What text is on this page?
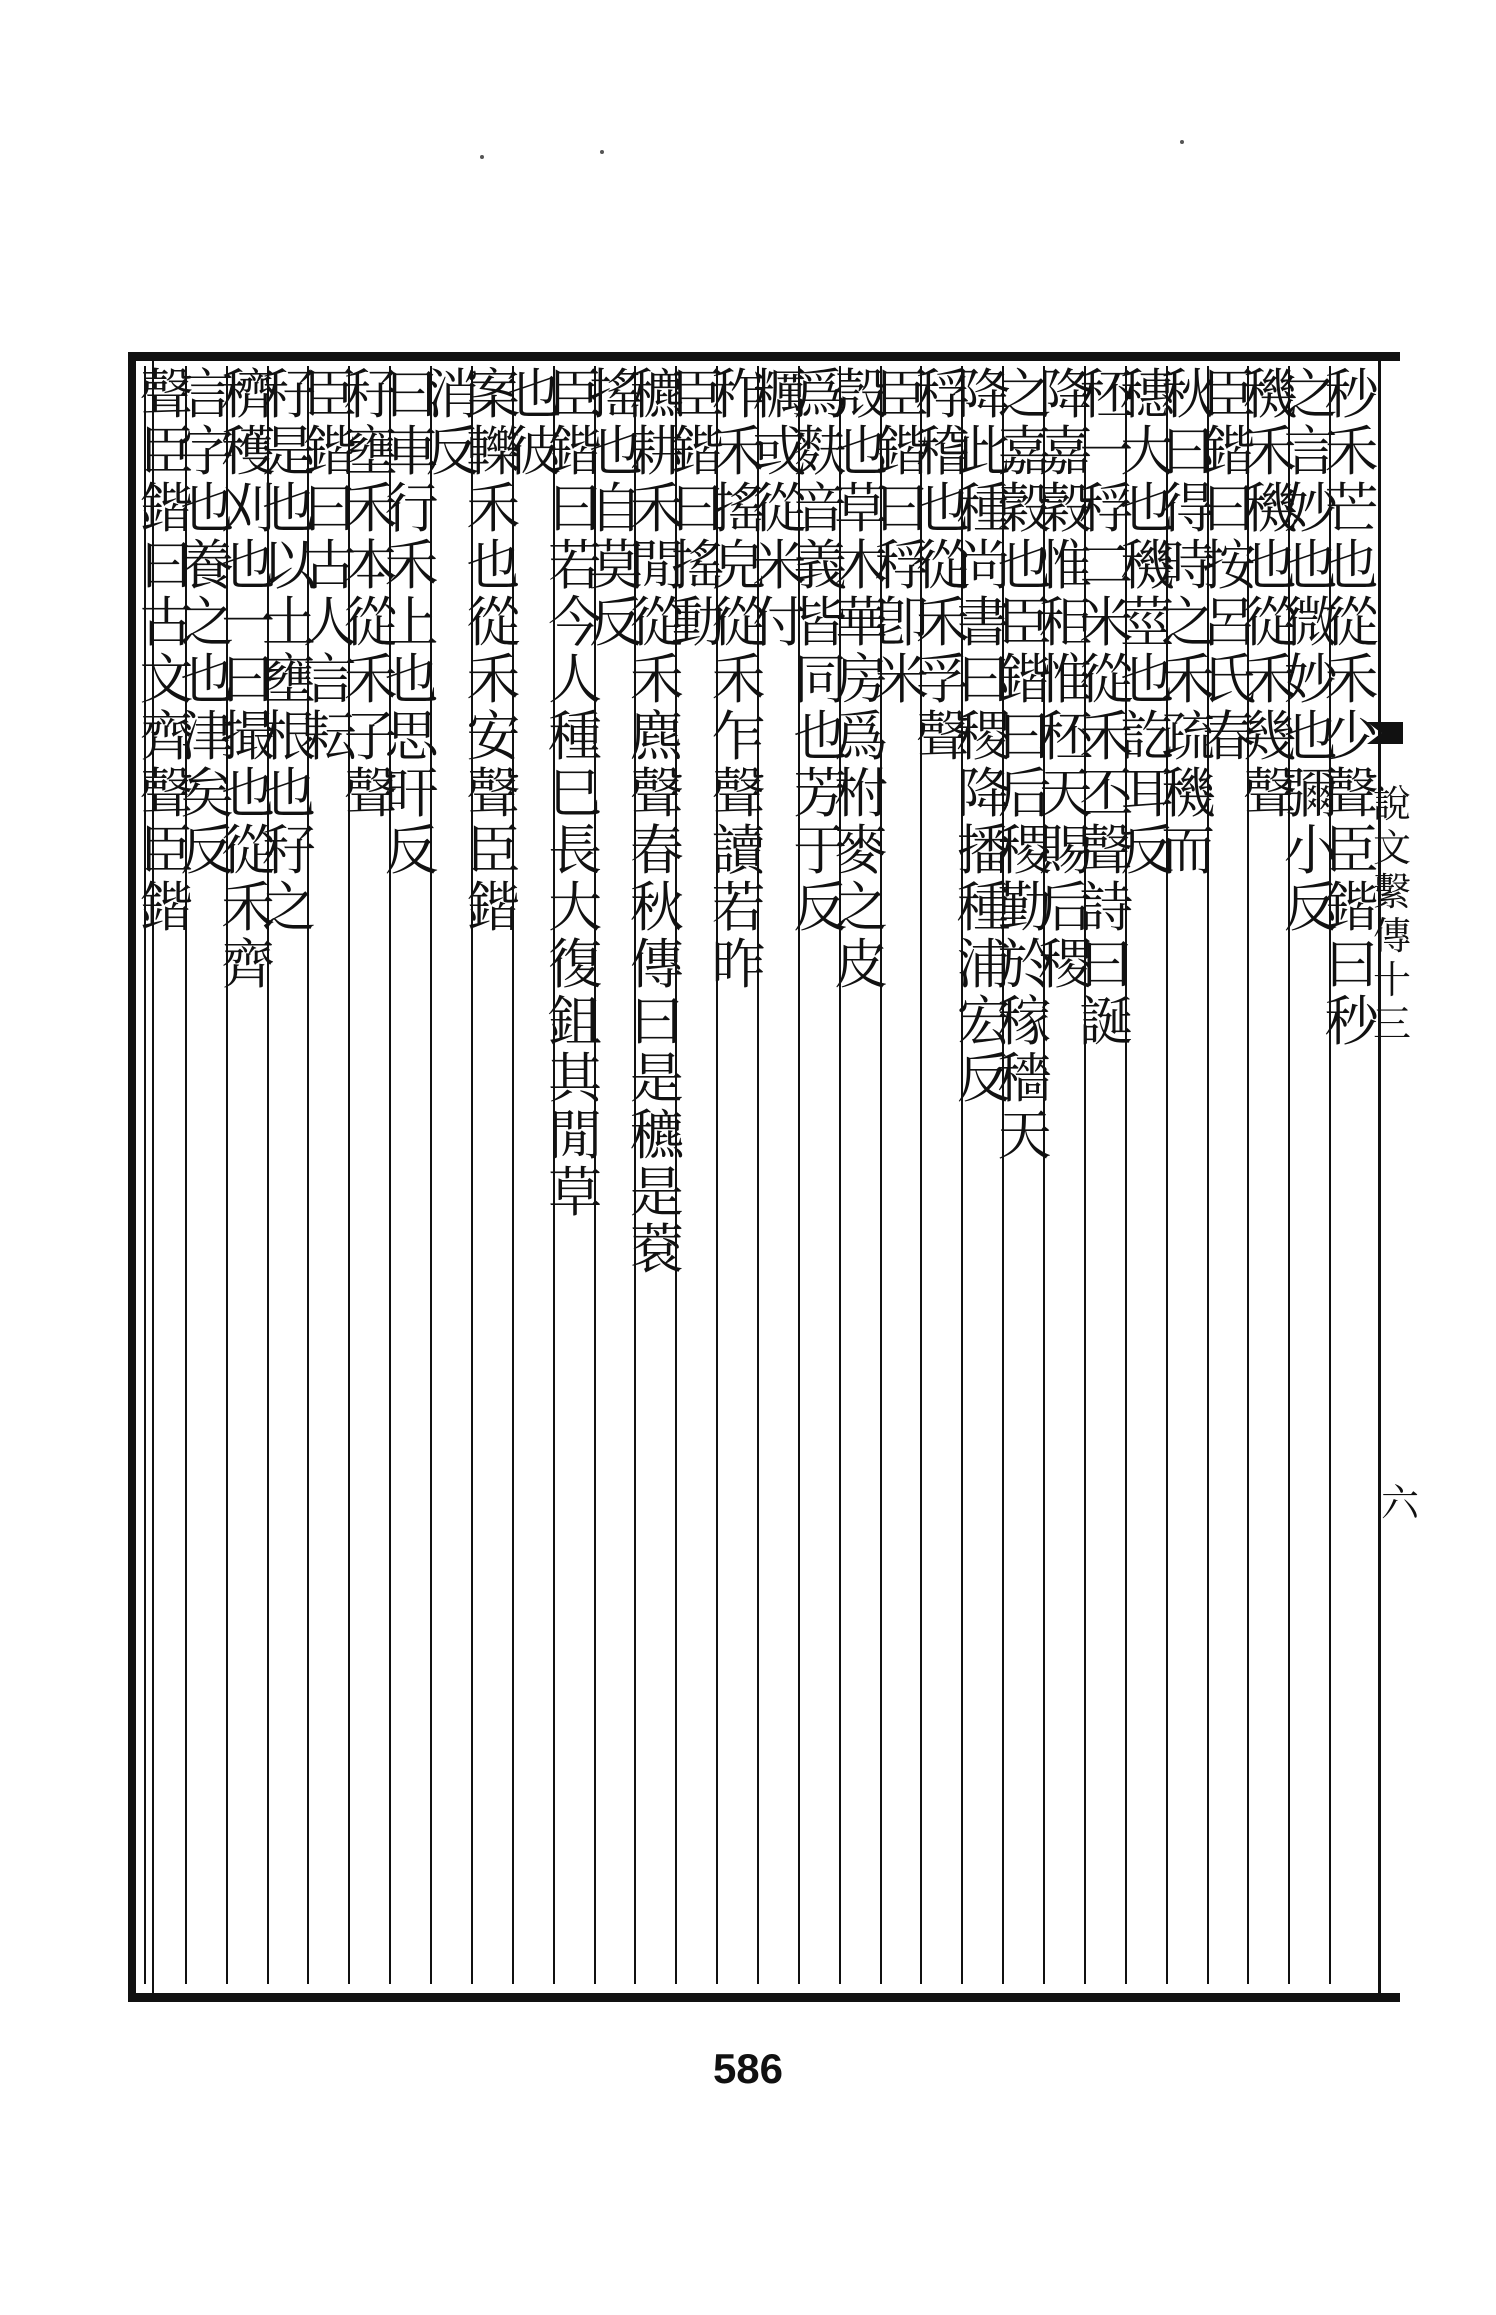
說
文
繫
傳
十
三
六
秒
禾
芒
也
從
禾
少
聲
臣
鍇
曰
秒
之
言
妙
也
微
妙
也
彌
小
反
穖
禾
穖
也
從
禾
幾
聲
臣
鍇
曰
按
呂
氏
春
秋
曰
得
時
之
禾
疏
穖
而
穗
大
也
穖
莖
也
訖
耳
反
秠
一
稃
二
米
從
禾
丕
聲
詩
曰
誕
降
嘉
穀
惟
秬
惟
秠
天
賜
后
稷
之
嘉
穀
也
臣
鍇
曰
后
稷
勤
於
稼
穡
天
降
此
種
尚
書
曰
稷
降
播
種
浦
宏
反
稃
稽
也
從
禾
孚
聲
臣
鍇
曰
稃
卽
米
殼
也
草
木
華
房
爲
柎
麥
之
皮
爲
麩
音
義
皆
同
也
芳
于
反
糲
或
從
米
付
秨
禾
搖
皃
從
禾
乍
聲
讀
若
昨
臣
鍇
曰
搖
動
穮
耕
禾
閒
從
禾
麃
聲
春
秋
傳
曰
是
穮
是
蔉
搖
也
自
莫
反
臣
鍇
曰
若
今
人
種
巳
長
大
復
鉏
其
閒
草
也
彼
案
轢
禾
也
從
禾
安
聲
臣
鍇
消
反
曰
車
行
禾
上
也
思
旰
反
秄
壅
禾
本
從
禾
子
聲
臣
鍇
曰
古
人
言
耘
秄
是
也
以
土
壅
根
也
秄
之
穧
穫
刈
也
一
曰
撮
也
從
禾
齊
言
字
也
養
之
也
津
矣
反
聲
臣
鍇
曰
古
文
齊
聲
臣
鍇
586
